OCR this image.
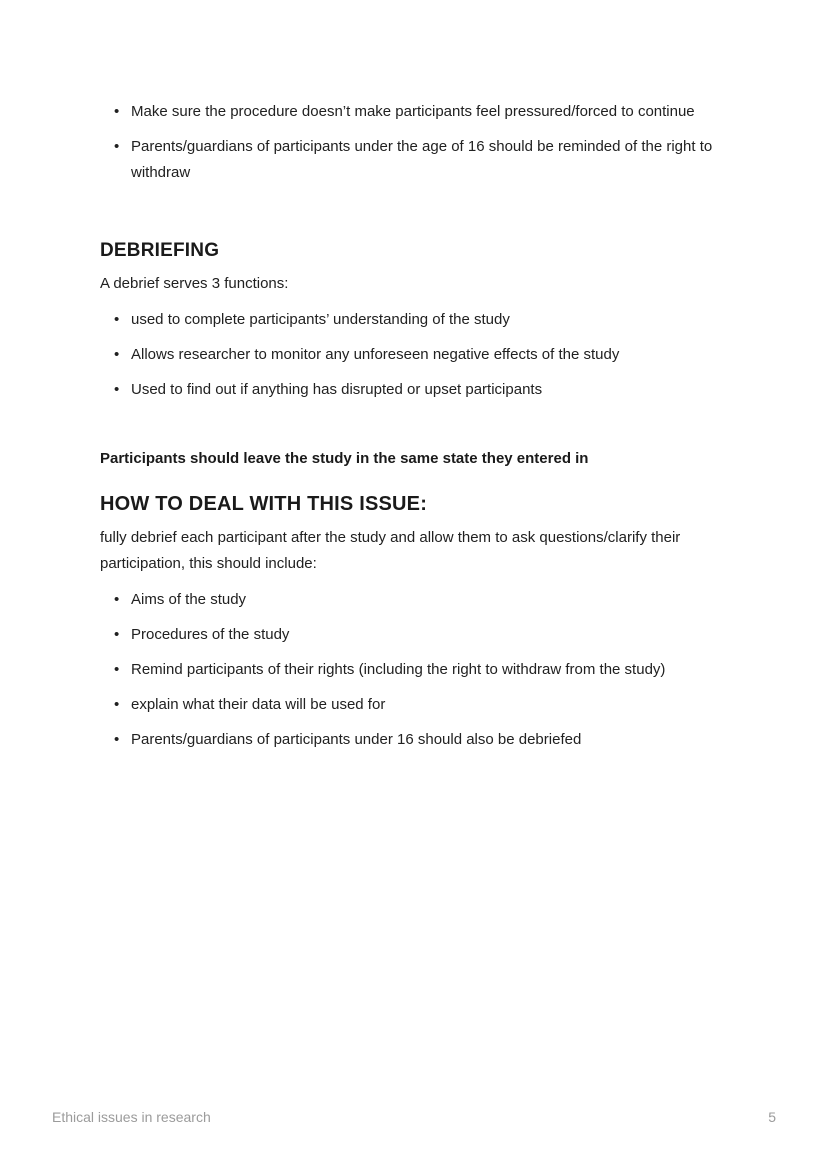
• Make sure the procedure doesn’t make participants feel pressured/forced to continue
• Parents/guardians of participants under the age of 16 should be reminded of the right to withdraw
DEBRIEFING

A debrief serves 3 functions:

• used to complete participants’ understanding of the study
• Allows researcher to monitor any unforeseen negative effects of the study
• Used to find out if anything has disrupted or upset participants

Participants should leave the study in the same state they entered in

HOW TO DEAL WITH THIS ISSUE:

fully debrief each participant after the study and allow them to ask questions/clarify their participation, this should include:

• Aims of the study
• Procedures of the study
• Remind participants of their rights (including the right to withdraw from the study)
• explain what their data will be used for
• Parents/guardians of participants under 16 should also be debriefed
Ethical issues in research	5
